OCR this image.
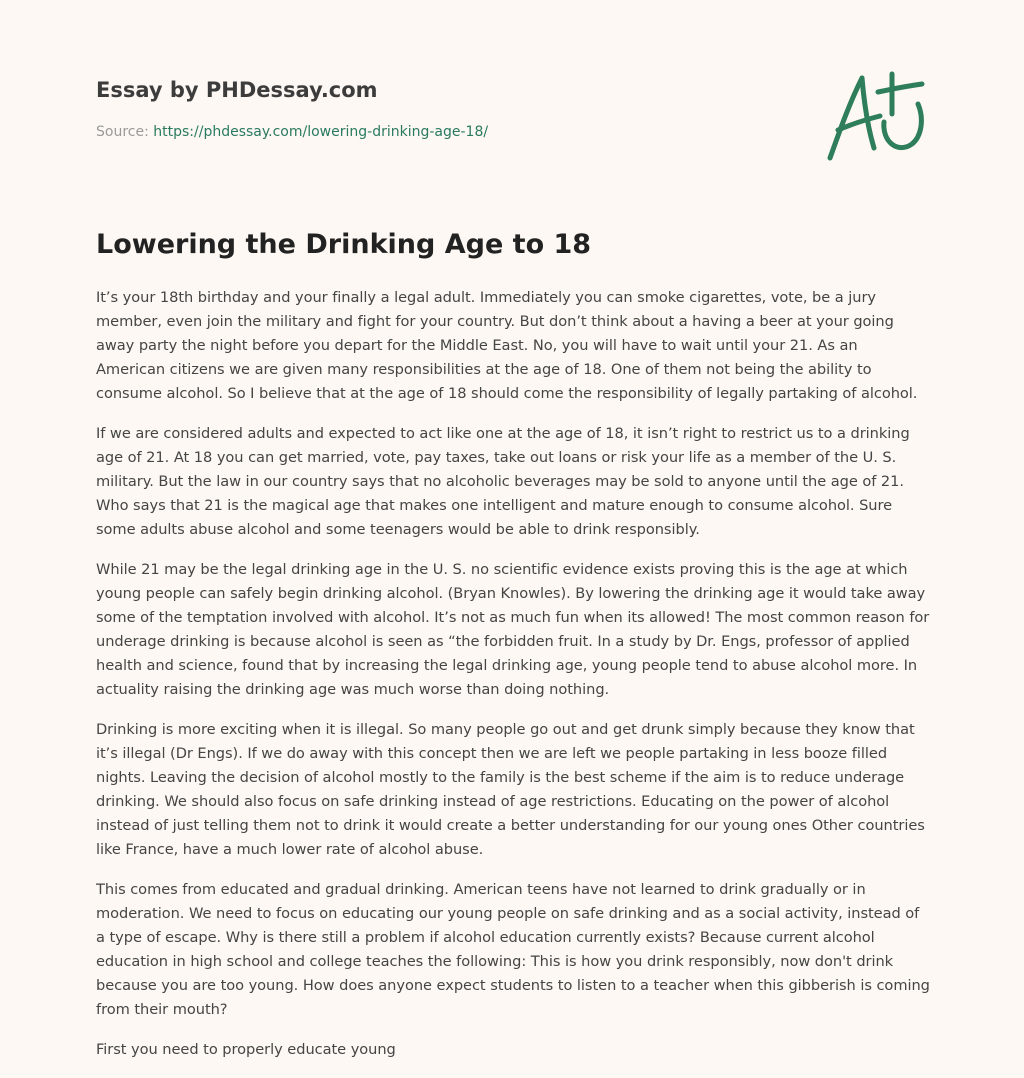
Essay by PHDessay.com
Source: https://phdessay.com/lowering-drinking-age-18/
Lowering the Drinking Age to 18

It’s your 18th birthday and your finally a legal adult. Immediately you can smoke cigarettes, vote, be a jury member, even join the military and fight for your country. But don’t think about a having a beer at your going away party the night before you depart for the Middle East. No, you will have to wait until your 21. As an American citizens we are given many responsibilities at the age of 18. One of them not being the ability to consume alcohol. So I believe that at the age of 18 should come the responsibility of legally partaking of alcohol.

If we are considered adults and expected to act like one at the age of 18, it isn’t right to restrict us to a drinking age of 21. At 18 you can get married, vote, pay taxes, take out loans or risk your life as a member of the U. S. military. But the law in our country says that no alcoholic beverages may be sold to anyone until the age of 21. Who says that 21 is the magical age that makes one intelligent and mature enough to consume alcohol. Sure some adults abuse alcohol and some teenagers would be able to drink responsibly.

While 21 may be the legal drinking age in the U. S. no scientific evidence exists proving this is the age at which young people can safely begin drinking alcohol. (Bryan Knowles). By lowering the drinking age it would take away some of the temptation involved with alcohol. It’s not as much fun when its allowed! The most common reason for underage drinking is because alcohol is seen as “the forbidden fruit. In a study by Dr. Engs, professor of applied health and science, found that by increasing the legal drinking age, young people tend to abuse alcohol more. In actuality raising the drinking age was much worse than doing nothing.

Drinking is more exciting when it is illegal. So many people go out and get drunk simply because they know that it’s illegal (Dr Engs). If we do away with this concept then we are left we people partaking in less booze filled nights. Leaving the decision of alcohol mostly to the family is the best scheme if the aim is to reduce underage drinking. We should also focus on safe drinking instead of age restrictions. Educating on the power of alcohol instead of just telling them not to drink it would create a better understanding for our young ones Other countries like France, have a much lower rate of alcohol abuse.

This comes from educated and gradual drinking. American teens have not learned to drink gradually or in moderation. We need to focus on educating our young people on safe drinking and as a social activity, instead of a type of escape. Why is there still a problem if alcohol education currently exists? Because current alcohol education in high school and college teaches the following: This is how you drink responsibly, now don't drink because you are too young. How does anyone expect students to listen to a teacher when this gibberish is coming from their mouth?

First you need to properly educate young
